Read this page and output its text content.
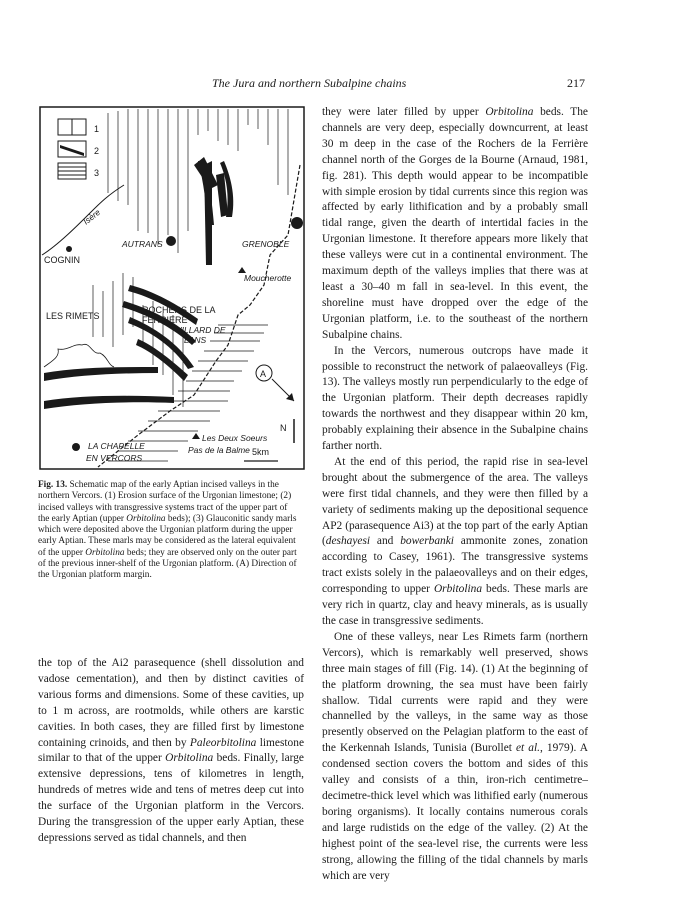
The Jura and northern Subalpine chains	217
1
2
3
Isère
COGNIN
AUTRANS	GRENOBLE
Moucherotte
LES RIMETS
ROCHERS DE LA
FERRIERE
VILLARD DE
LANS
A
Les Deux Soeurs
Pas de la Balme
N
5km
LA CHAPELLE
EN VERCORS
Fig. 13. Schematic map of the early Aptian incised valleys in the northern Vercors. (1) Erosion surface of the Urgonian limestone; (2) incised valleys with transgressive systems tract of the upper part of the early Aptian (upper Orbitolina beds); (3) Glauconitic sandy marls which were deposited above the Urgonian platform during the upper early Aptian. These marls may be considered as the lateral equivalent of the upper Orbitolina beds; they are observed only on the outer part of the previous inner-shelf of the Urgonian platform. (A) Direction of the Urgonian platform margin.

the top of the Ai2 parasequence (shell dissolution and vadose cementation), and then by distinct cavities of various forms and dimensions. Some of these cavities, up to 1 m across, are rootmolds, while others are karstic cavities. In both cases, they are filled first by limestone containing crinoids, and then by Paleorbitolina limestone similar to that of the upper Orbitolina beds. Finally, large extensive depressions, tens of kilometres in length, hundreds of metres wide and tens of metres deep cut into the surface of the Urgonian platform in the Vercors. During the transgression of the upper early Aptian, these depressions served as tidal channels, and then

they were later filled by upper Orbitolina beds. The channels are very deep, especially downcurrent, at least 30 m deep in the case of the Rochers de la Ferrière channel north of the Gorges de la Bourne (Arnaud, 1981, fig. 281). This depth would appear to be incompatible with simple erosion by tidal currents since this region was affected by early lithification and by a probably small tidal range, given the dearth of intertidal facies in the Urgonian limestone. It therefore appears more likely that these valleys were cut in a continental environment. The maximum depth of the valleys implies that there was at least a 30–40 m fall in sea-level. In this event, the shoreline must have dropped over the edge of the Urgonian platform, i.e. to the southeast of the northern Subalpine chains.

In the Vercors, numerous outcrops have made it possible to reconstruct the network of palaeovalleys (Fig. 13). The valleys mostly run perpendicularly to the edge of the Urgonian platform. Their depth decreases rapidly towards the northwest and they disappear within 20 km, probably explaining their absence in the Subalpine chains farther north.

At the end of this period, the rapid rise in sea-level brought about the submergence of the area. The valleys were first tidal channels, and they were then filled by a variety of sediments making up the depositional sequence AP2 (parasequence Ai3) at the top part of the early Aptian (deshayesi and bowerbanki ammonite zones, zonation according to Casey, 1961). The transgressive systems tract exists solely in the palaeovalleys and on their edges, corresponding to upper Orbitolina beds. These marls are very rich in quartz, clay and heavy minerals, as is usually the case in transgressive sediments.

One of these valleys, near Les Rimets farm (northern Vercors), which is remarkably well preserved, shows three main stages of fill (Fig. 14). (1) At the beginning of the platform drowning, the sea must have been fairly shallow. Tidal currents were rapid and they were channelled by the valleys, in the same way as those presently observed on the Pelagian platform to the east of the Kerkennah Islands, Tunisia (Burollet et al., 1979). A condensed section covers the bottom and sides of this valley and consists of a thin, iron-rich centimetre–decimetre-thick level which was lithified early (numerous boring organisms). It locally contains numerous corals and large rudistids on the edge of the valley. (2) At the highest point of the sea-level rise, the currents were less strong, allowing the filling of the tidal channels by marls which are very
